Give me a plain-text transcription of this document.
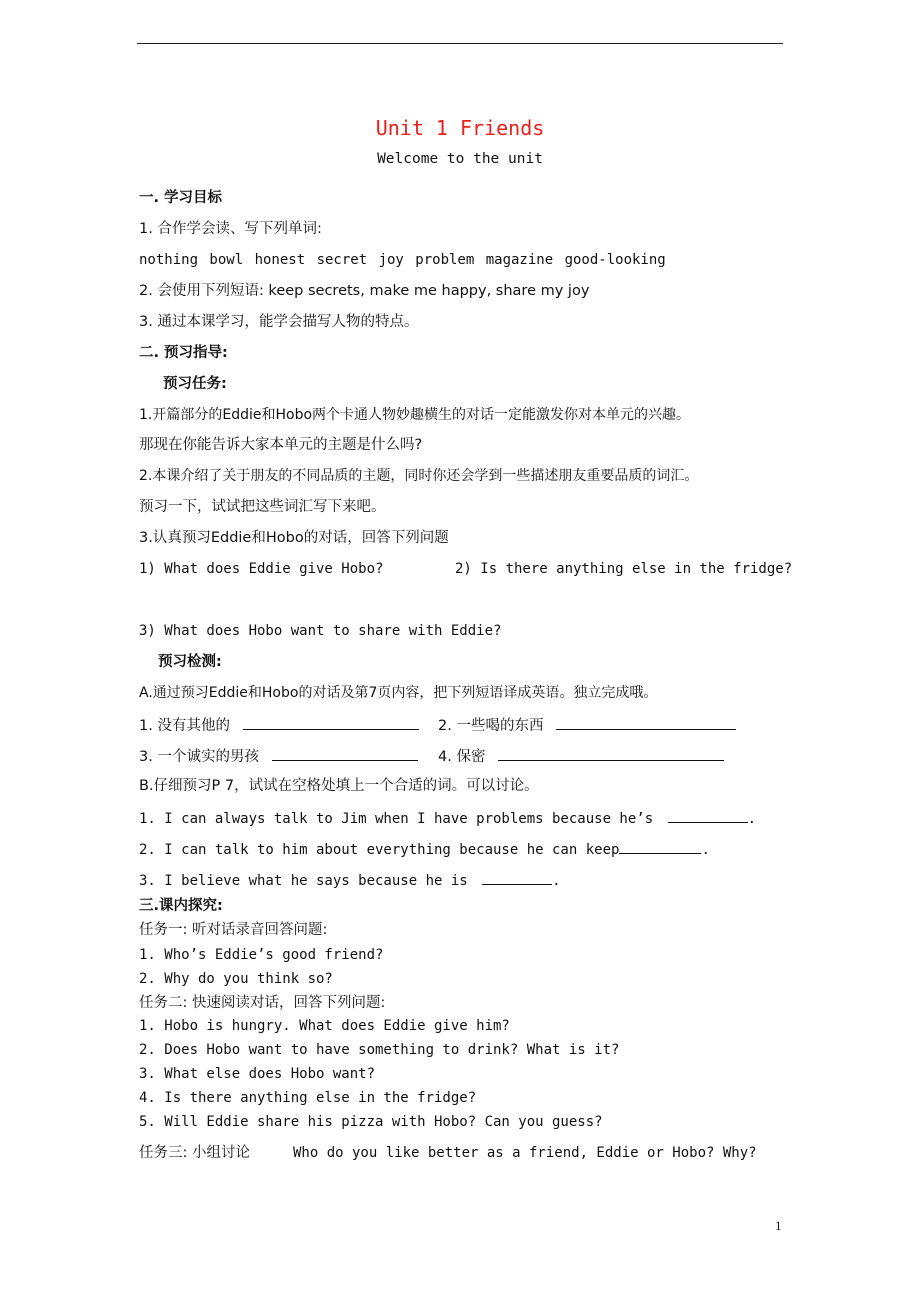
Unit 1 Friends
Welcome to the unit
一. 学习目标
1. 合作学会读、写下列单词:
nothing bowl honest secret joy problem magazine good-looking
2. 会使用下列短语: keep secrets, make me happy, share my joy
3. 通过本课学习，能学会描写人物的特点。
二. 预习指导:
预习任务:
1.开篇部分的Eddie和Hobo两个卡通人物妙趣横生的对话一定能激发你对本单元的兴趣。
那现在你能告诉大家本单元的主题是什么吗?
2.本课介绍了关于朋友的不同品质的主题，同时你还会学到一些描述朋友重要品质的词汇。
预习一下，试试把这些词汇写下来吧。
3.认真预习Eddie和Hobo的对话，回答下列问题
1) What does Eddie give Hobo?	2) Is there anything else in the fridge?
3) What does Hobo want to share with Eddie?
预习检测:
A.通过预习Eddie和Hobo的对话及第7页内容，把下列短语译成英语。独立完成哦。
1. 没有其他的	2. 一些喝的东西
3. 一个诚实的男孩	4. 保密
B.仔细预习P 7，试试在空格处填上一个合适的词。可以讨论。
1. I can always talk to Jim when I have problems because he’s	.
2. I can talk to him about everything because he can keep	.
3. I believe what he says because he is	.
三.课内探究:
任务一: 听对话录音回答问题:
1. Who’s Eddie’s good friend?
2. Why do you think so?
任务二: 快速阅读对话，回答下列问题:
1. Hobo is hungry. What does Eddie give him?
2. Does Hobo want to have something to drink? What is it?
3. What else does Hobo want?
4. Is there anything else in the fridge?
5. Will Eddie share his pizza with Hobo? Can you guess?
任务三: 小组讨论	Who do you like better as a friend, Eddie or Hobo? Why?
1
